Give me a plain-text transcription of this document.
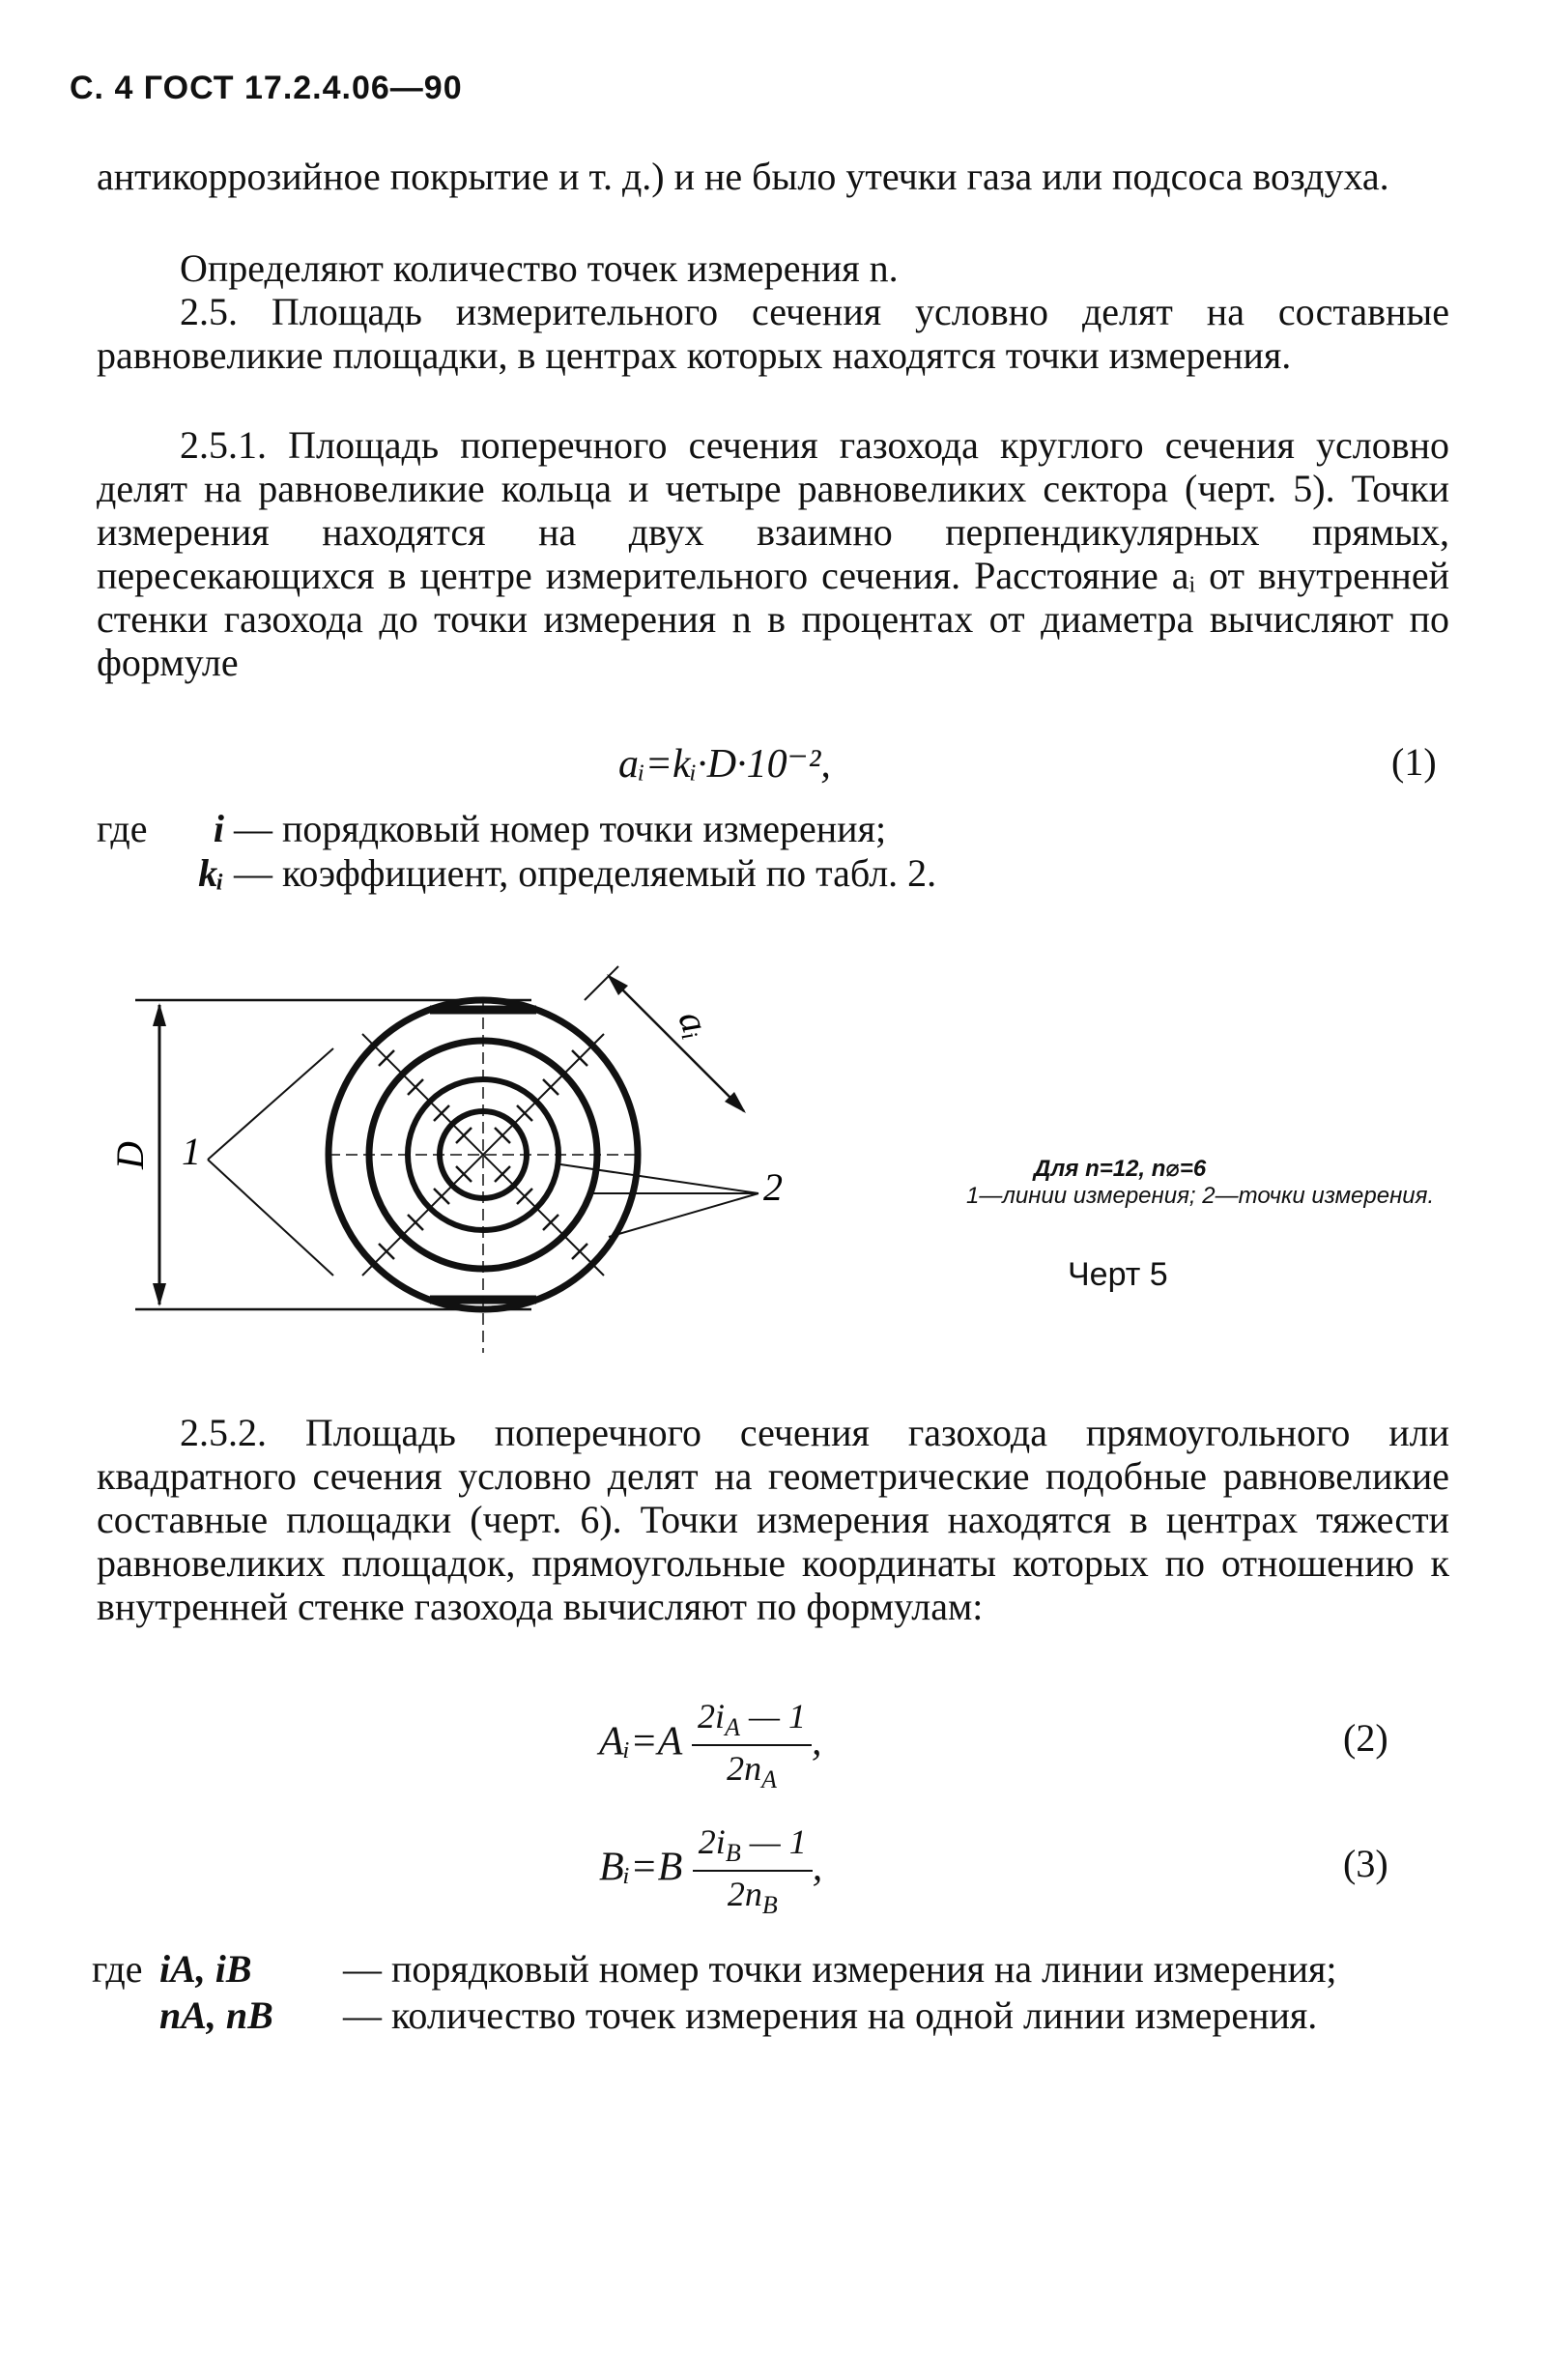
С. 4 ГОСТ 17.2.4.06—90
антикоррозийное покрытие и т. д.) и не было утечки газа или подсоса воздуха.
Определяют количество точек измерения n.
2.5. Площадь измерительного сечения условно делят на составные равновеликие площадки, в центрах которых находятся точки измерения.
2.5.1. Площадь поперечного сечения газохода круглого сечения условно делят на равновеликие кольца и четыре равновеликих сектора (черт. 5). Точки измерения находятся на двух взаимно перпендикулярных прямых, пересекающихся в центре измерительного сечения. Расстояние aᵢ от внутренней стенки газохода до точки измерения n в процентах от диаметра вычисляют по формуле
aᵢ=kᵢ·D·10⁻²,	(1)
где i — порядковый номер точки измерения;
kᵢ — коэффициент, определяемый по табл. 2.
D 1
2
aᵢ
Для n=12, n⌀=6
1—линии измерения; 2—точки измерения.
Черт 5
2.5.2. Площадь поперечного сечения газохода прямоугольного или квадратного сечения условно делят на геометрические подобные равновеликие составные площадки (черт. 6). Точки измерения находятся в центрах тяжести равновеликих площадок, прямоугольные координаты которых по отношению к внутренней стенке газохода вычисляют по формулам:
Aᵢ=A $\frac{2i_A — 1}{2n_A}$ ,	(2)
Bᵢ=B $\frac{2i_B — 1}{2n_B}$ ,	(3)
где iA, iB	— порядковый номер точки измерения на линии измерения;
nA, nB	— количество точек измерения на одной линии измерения.
